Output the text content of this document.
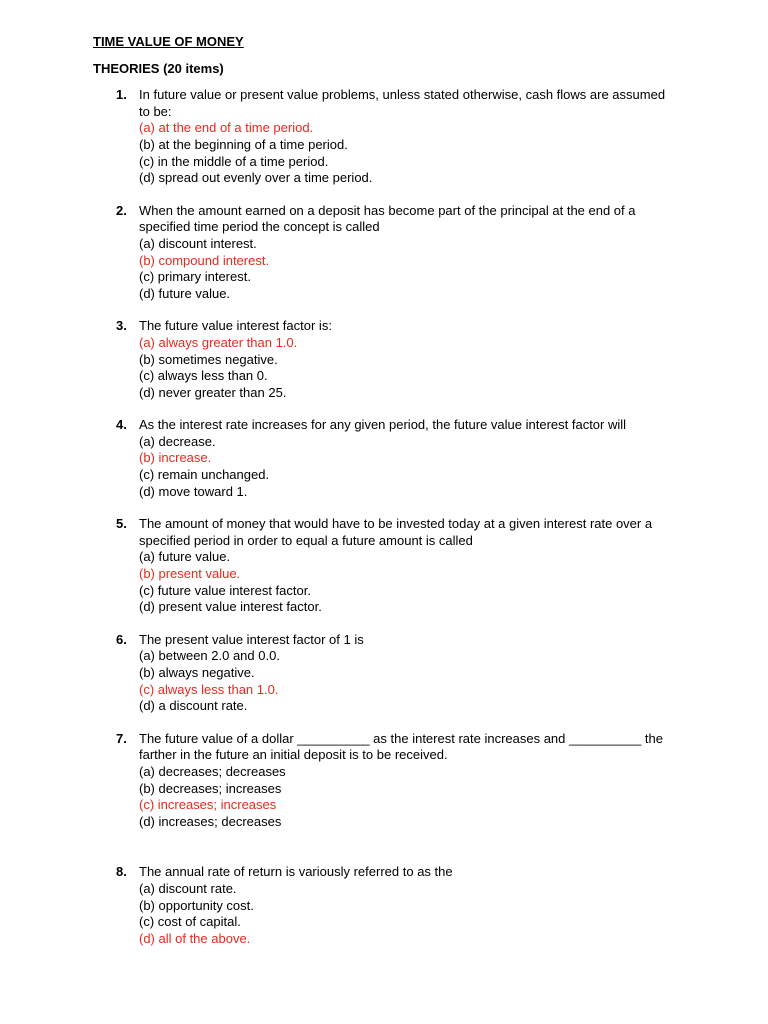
TIME VALUE OF MONEY
THEORIES (20 items)
1. In future value or present value problems, unless stated otherwise, cash flows are assumed to be:
(a) at the end of a time period.
(b) at the beginning of a time period.
(c) in the middle of a time period.
(d) spread out evenly over a time period.
2. When the amount earned on a deposit has become part of the principal at the end of a specified time period the concept is called
(a) discount interest.
(b) compound interest.
(c) primary interest.
(d) future value.
3. The future value interest factor is:
(a) always greater than 1.0.
(b) sometimes negative.
(c) always less than 0.
(d) never greater than 25.
4. As the interest rate increases for any given period, the future value interest factor will
(a) decrease.
(b) increase.
(c) remain unchanged.
(d) move toward 1.
5. The amount of money that would have to be invested today at a given interest rate over a specified period in order to equal a future amount is called
(a) future value.
(b) present value.
(c) future value interest factor.
(d) present value interest factor.
6. The present value interest factor of 1 is
(a) between 2.0 and 0.0.
(b) always negative.
(c) always less than 1.0.
(d) a discount rate.
7. The future value of a dollar __________ as the interest rate increases and __________ the farther in the future an initial deposit is to be received.
(a) decreases; decreases
(b) decreases; increases
(c) increases; increases
(d) increases; decreases
8. The annual rate of return is variously referred to as the
(a) discount rate.
(b) opportunity cost.
(c) cost of capital.
(d) all of the above.
